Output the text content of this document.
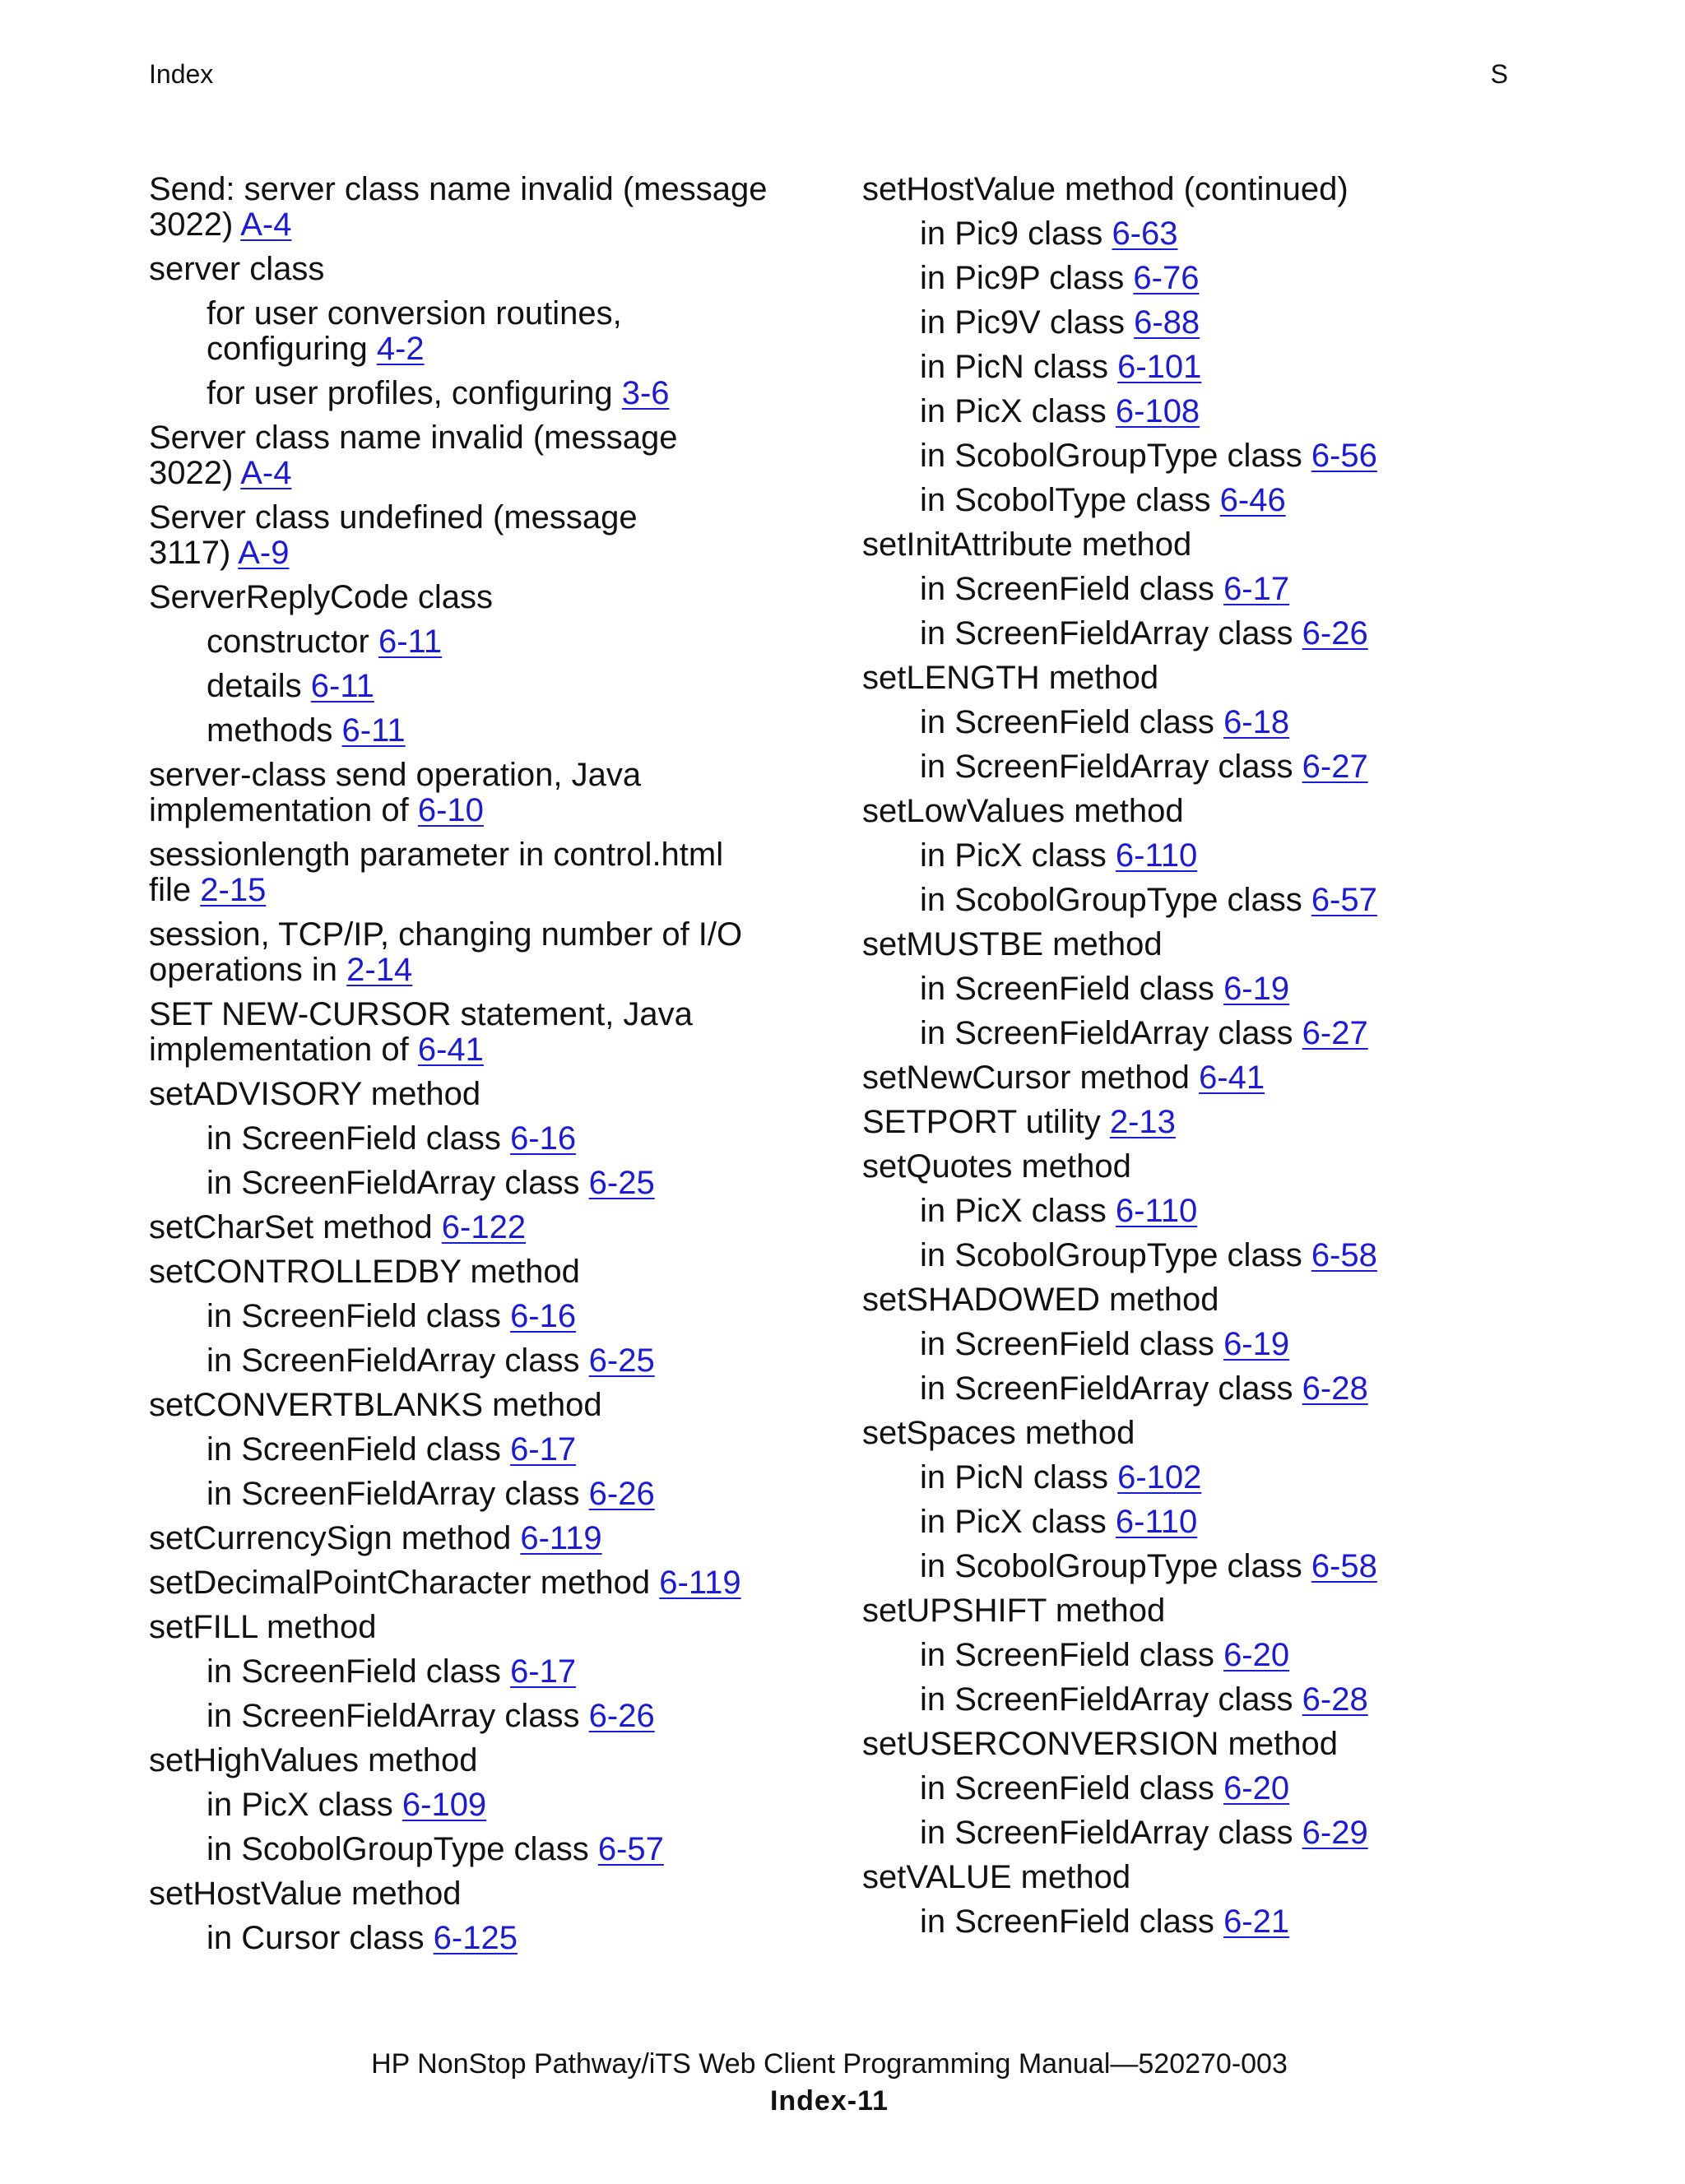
Index	S
Send: server class name invalid (message
3022) A-4
server class
for user conversion routines,
configuring 4-2
for user profiles, configuring 3-6
Server class name invalid (message
3022) A-4
Server class undefined (message
3117) A-9
ServerReplyCode class
constructor 6-11
details 6-11
methods 6-11
server-class send operation, Java
implementation of 6-10
sessionlength parameter in control.html
file 2-15
session, TCP/IP, changing number of I/O
operations in 2-14
SET NEW-CURSOR statement, Java
implementation of 6-41
setADVISORY method
in ScreenField class 6-16
in ScreenFieldArray class 6-25
setCharSet method 6-122
setCONTROLLEDBY method
in ScreenField class 6-16
in ScreenFieldArray class 6-25
setCONVERTBLANKS method
in ScreenField class 6-17
in ScreenFieldArray class 6-26
setCurrencySign method 6-119
setDecimalPointCharacter method 6-119
setFILL method
in ScreenField class 6-17
in ScreenFieldArray class 6-26
setHighValues method
in PicX class 6-109
in ScobolGroupType class 6-57
setHostValue method
in Cursor class 6-125
setHostValue method (continued)
in Pic9 class 6-63
in Pic9P class 6-76
in Pic9V class 6-88
in PicN class 6-101
in PicX class 6-108
in ScobolGroupType class 6-56
in ScobolType class 6-46
setInitAttribute method
in ScreenField class 6-17
in ScreenFieldArray class 6-26
setLENGTH method
in ScreenField class 6-18
in ScreenFieldArray class 6-27
setLowValues method
in PicX class 6-110
in ScobolGroupType class 6-57
setMUSTBE method
in ScreenField class 6-19
in ScreenFieldArray class 6-27
setNewCursor method 6-41
SETPORT utility 2-13
setQuotes method
in PicX class 6-110
in ScobolGroupType class 6-58
setSHADOWED method
in ScreenField class 6-19
in ScreenFieldArray class 6-28
setSpaces method
in PicN class 6-102
in PicX class 6-110
in ScobolGroupType class 6-58
setUPSHIFT method
in ScreenField class 6-20
in ScreenFieldArray class 6-28
setUSERCONVERSION method
in ScreenField class 6-20
in ScreenFieldArray class 6-29
setVALUE method
in ScreenField class 6-21
HP NonStop Pathway/iTS Web Client Programming Manual—520270-003
Index-11
